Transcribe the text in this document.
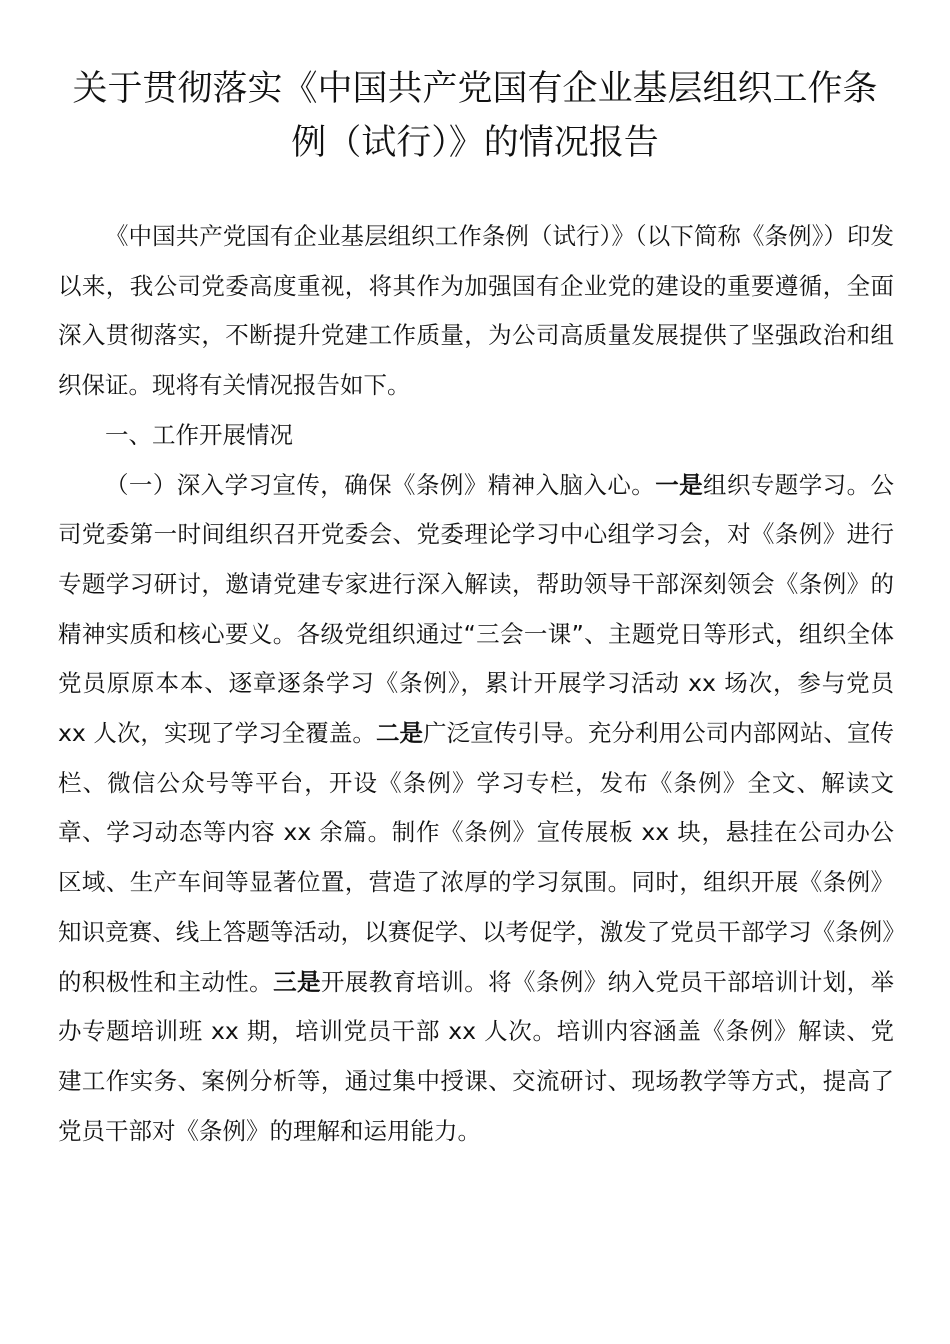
关于贯彻落实《中国共产党国有企业基层组织工作条
例（试行）》的情况报告

《中国共产党国有企业基层组织工作条例（试行）》（以下简称《条例》）印发以来，我公司党委高度重视，将其作为加强国有企业党的建设的重要遵循，全面深入贯彻落实，不断提升党建工作质量，为公司高质量发展提供了坚强政治和组织保证。现将有关情况报告如下。

一、工作开展情况

（一）深入学习宣传，确保《条例》精神入脑入心。一是组织专题学习。公司党委第一时间组织召开党委会、党委理论学习中心组学习会，对《条例》进行专题学习研讨，邀请党建专家进行深入解读，帮助领导干部深刻领会《条例》的精神实质和核心要义。各级党组织通过“三会一课”、主题党日等形式，组织全体党员原原本本、逐章逐条学习《条例》，累计开展学习活动 xx 场次，参与党员 xx 人次，实现了学习全覆盖。二是广泛宣传引导。充分利用公司内部网站、宣传栏、微信公众号等平台，开设《条例》学习专栏，发布《条例》全文、解读文章、学习动态等内容 xx 余篇。制作《条例》宣传展板 xx 块，悬挂在公司办公区域、生产车间等显著位置，营造了浓厚的学习氛围。同时，组织开展《条例》知识竞赛、线上答题等活动，以赛促学、以考促学，激发了党员干部学习《条例》的积极性和主动性。三是开展教育培训。将《条例》纳入党员干部培训计划，举办专题培训班 xx 期，培训党员干部 xx 人次。培训内容涵盖《条例》解读、党建工作实务、案例分析等，通过集中授课、交流研讨、现场教学等方式，提高了党员干部对《条例》的理解和运用能力。
